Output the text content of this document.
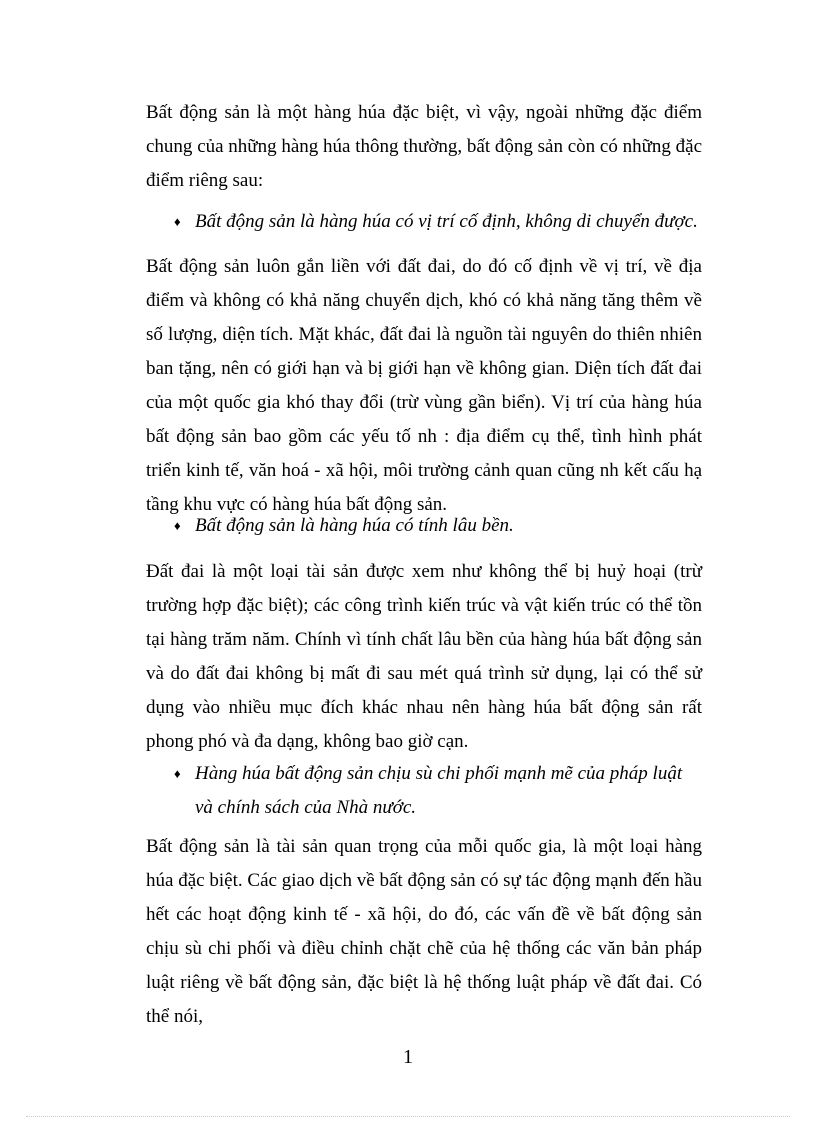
Bất động sản là một hàng húa đặc biệt, vì vậy, ngoài những đặc điểm chung của những hàng húa thông thường, bất động sản còn có những đặc điểm riêng sau:

♦ Bất động sản là hàng húa có vị trí cố định, không di chuyển được.

Bất động sản luôn gắn liền với đất đai, do đó cố định về vị trí, về địa điểm và không có khả năng chuyển dịch, khó có khả năng tăng thêm về số lượng, diện tích. Mặt khác, đất đai là nguồn tài nguyên do thiên nhiên ban tặng, nên có giới hạn và bị giới hạn về không gian. Diện tích đất đai của một quốc gia khó thay đổi (trừ vùng gần biển). Vị trí của hàng húa bất động sản bao gồm các yếu tố nh : địa điểm cụ thể, tình hình phát triển kinh tế, văn hoá - xã hội, môi trường cảnh quan cũng nh kết cấu hạ tầng khu vực có hàng húa bất động sản.

♦ Bất động sản là hàng húa có tính lâu bền.

Đất đai là một loại tài sản được xem như không thể bị huỷ hoại (trừ trường hợp đặc biệt); các công trình kiến trúc và vật kiến trúc có thể tồn tại hàng trăm năm. Chính vì tính chất lâu bền của hàng húa bất động sản và do đất đai không bị mất đi sau mét quá trình sử dụng, lại có thể sử dụng vào nhiều mục đích khác nhau nên hàng húa bất động sản rất phong phó và đa dạng, không bao giờ cạn.

♦ Hàng húa bất động sản chịu sù chi phối mạnh mẽ của pháp luật và chính sách của Nhà nước.

Bất động sản là tài sản quan trọng của mỗi quốc gia, là một loại hàng húa đặc biệt. Các giao dịch về bất động sản có sự tác động mạnh đến hầu hết các hoạt động kinh tế - xã hội, do đó, các vấn đề về bất động sản chịu sù chi phối và điều chỉnh chặt chẽ của hệ thống các văn bản pháp luật riêng về bất động sản, đặc biệt là hệ thống luật pháp về đất đai. Có thể nói,

1
